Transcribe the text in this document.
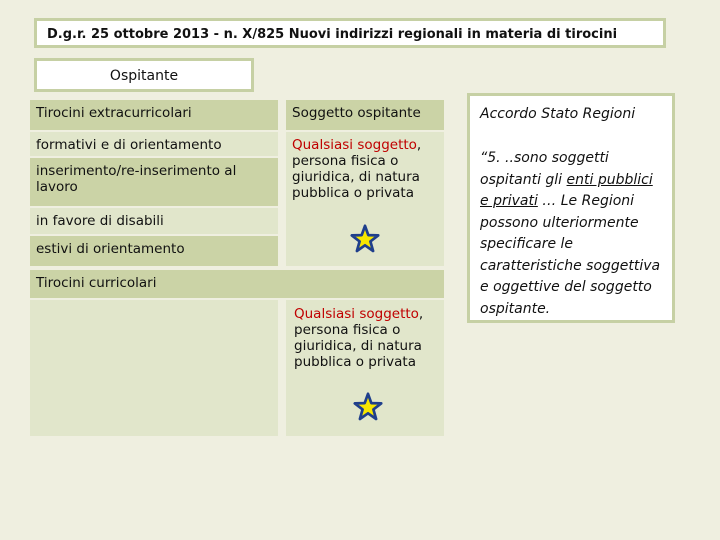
D.g.r. 25 ottobre 2013 - n. X/825 Nuovi indirizzi regionali in materia di tirocini
Ospitante
Tirocini extracurricolari
formativi e di orientamento
inserimento/re-inserimento al lavoro
in favore di disabili
estivi di orientamento
Soggetto ospitante
Qualsiasi soggetto, persona fisica o giuridica, di natura pubblica o privata
Tirocini curricolari
Qualsiasi soggetto, persona fisica o giuridica, di natura pubblica o privata
Accordo Stato Regioni
“5. ..sono soggetti ospitanti gli enti pubblici e privati … Le Regioni possono ulteriormente specificare le caratteristiche soggettiva e oggettive del soggetto ospitante.
